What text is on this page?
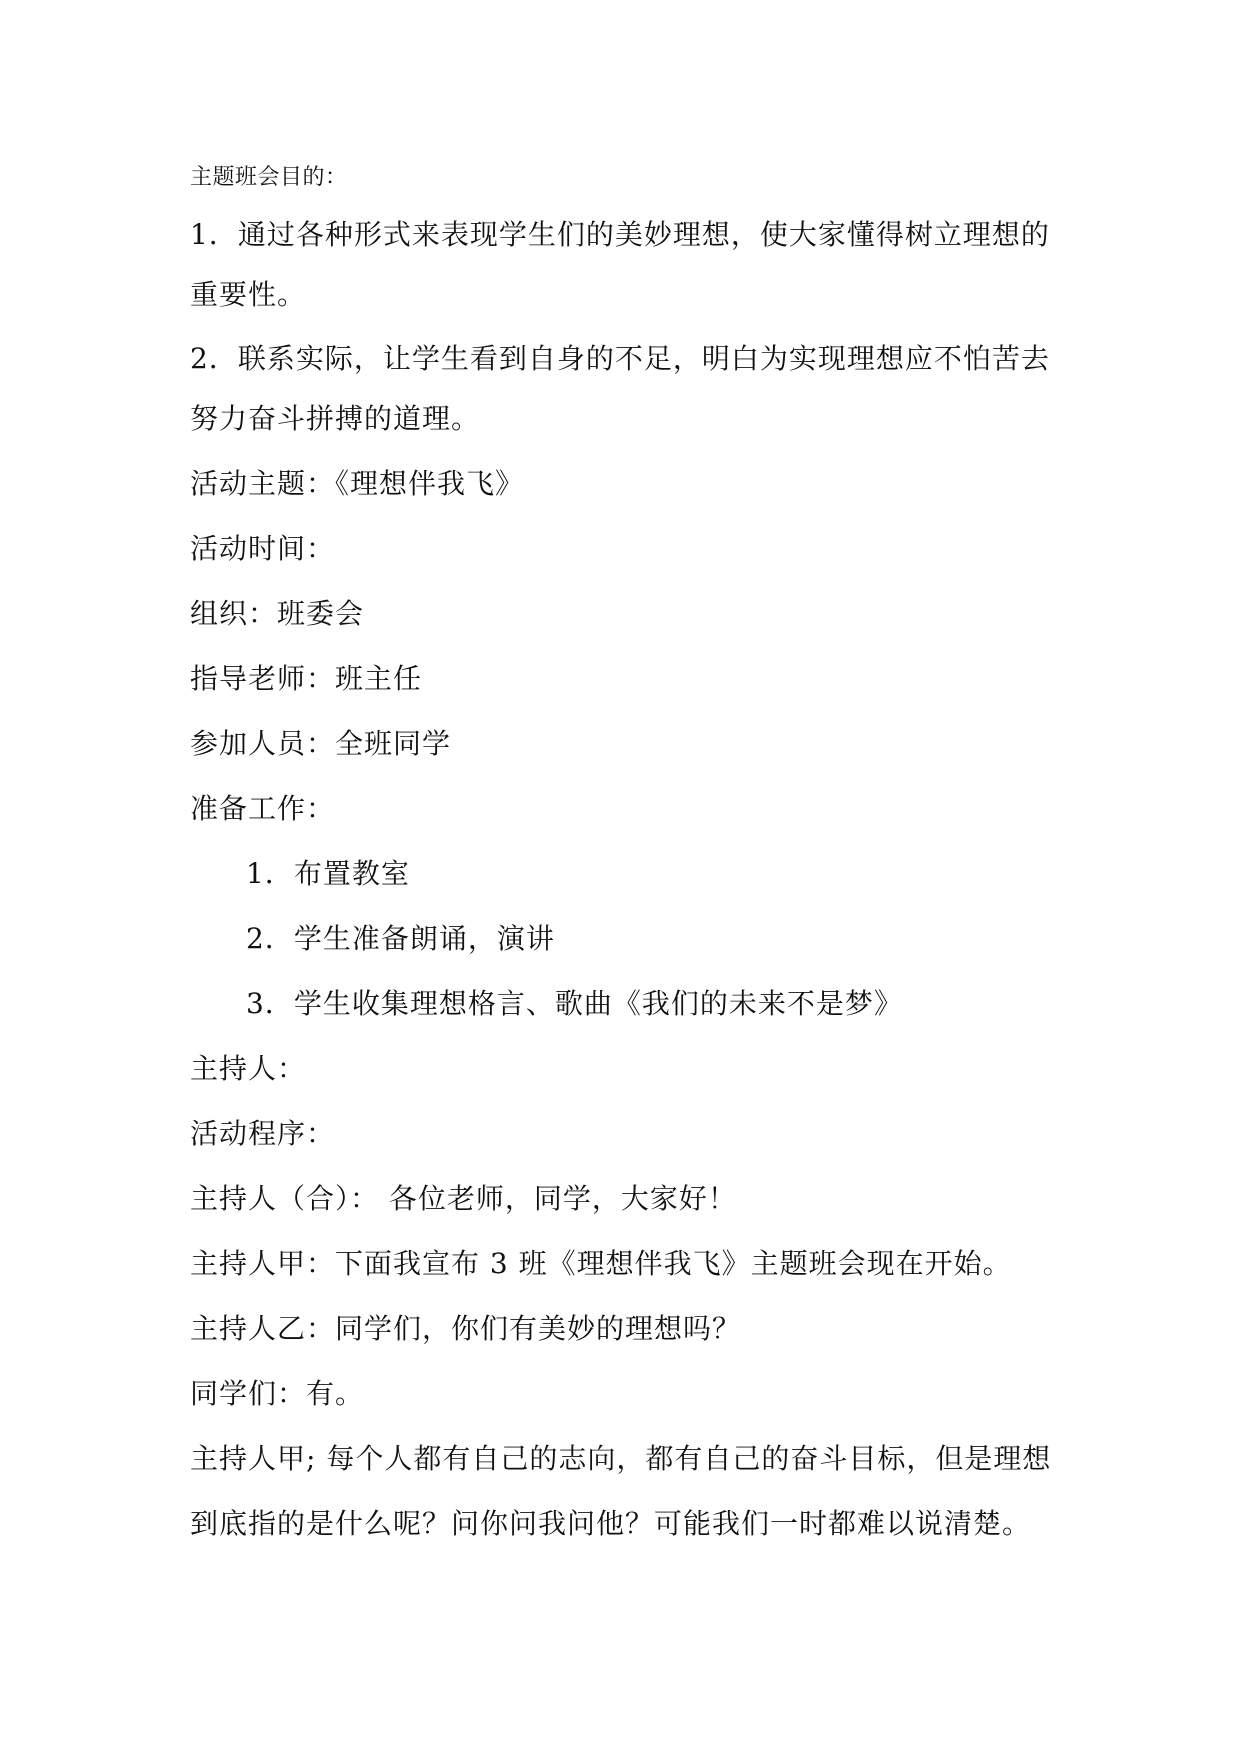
主题班会目的：
1．通过各种形式来表现学生们的美妙理想，使大家懂得树立理想的
重要性。
2．联系实际，让学生看到自身的不足，明白为实现理想应不怕苦去
努力奋斗拼搏的道理。
活动主题：《理想伴我飞》
活动时间：
组织：班委会
指导老师：班主任
参加人员：全班同学
准备工作：
1．布置教室
2．学生准备朗诵，演讲
3．学生收集理想格言、歌曲《我们的未来不是梦》
主持人：
活动程序：
主持人（合）： 各位老师，同学，大家好！
主持人甲：下面我宣布 3 班《理想伴我飞》主题班会现在开始。
主持人乙：同学们，你们有美妙的理想吗？
同学们：有。
主持人甲; 每个人都有自己的志向，都有自己的奋斗目标，但是理想
到底指的是什么呢？问你问我问他？可能我们一时都难以说清楚。
